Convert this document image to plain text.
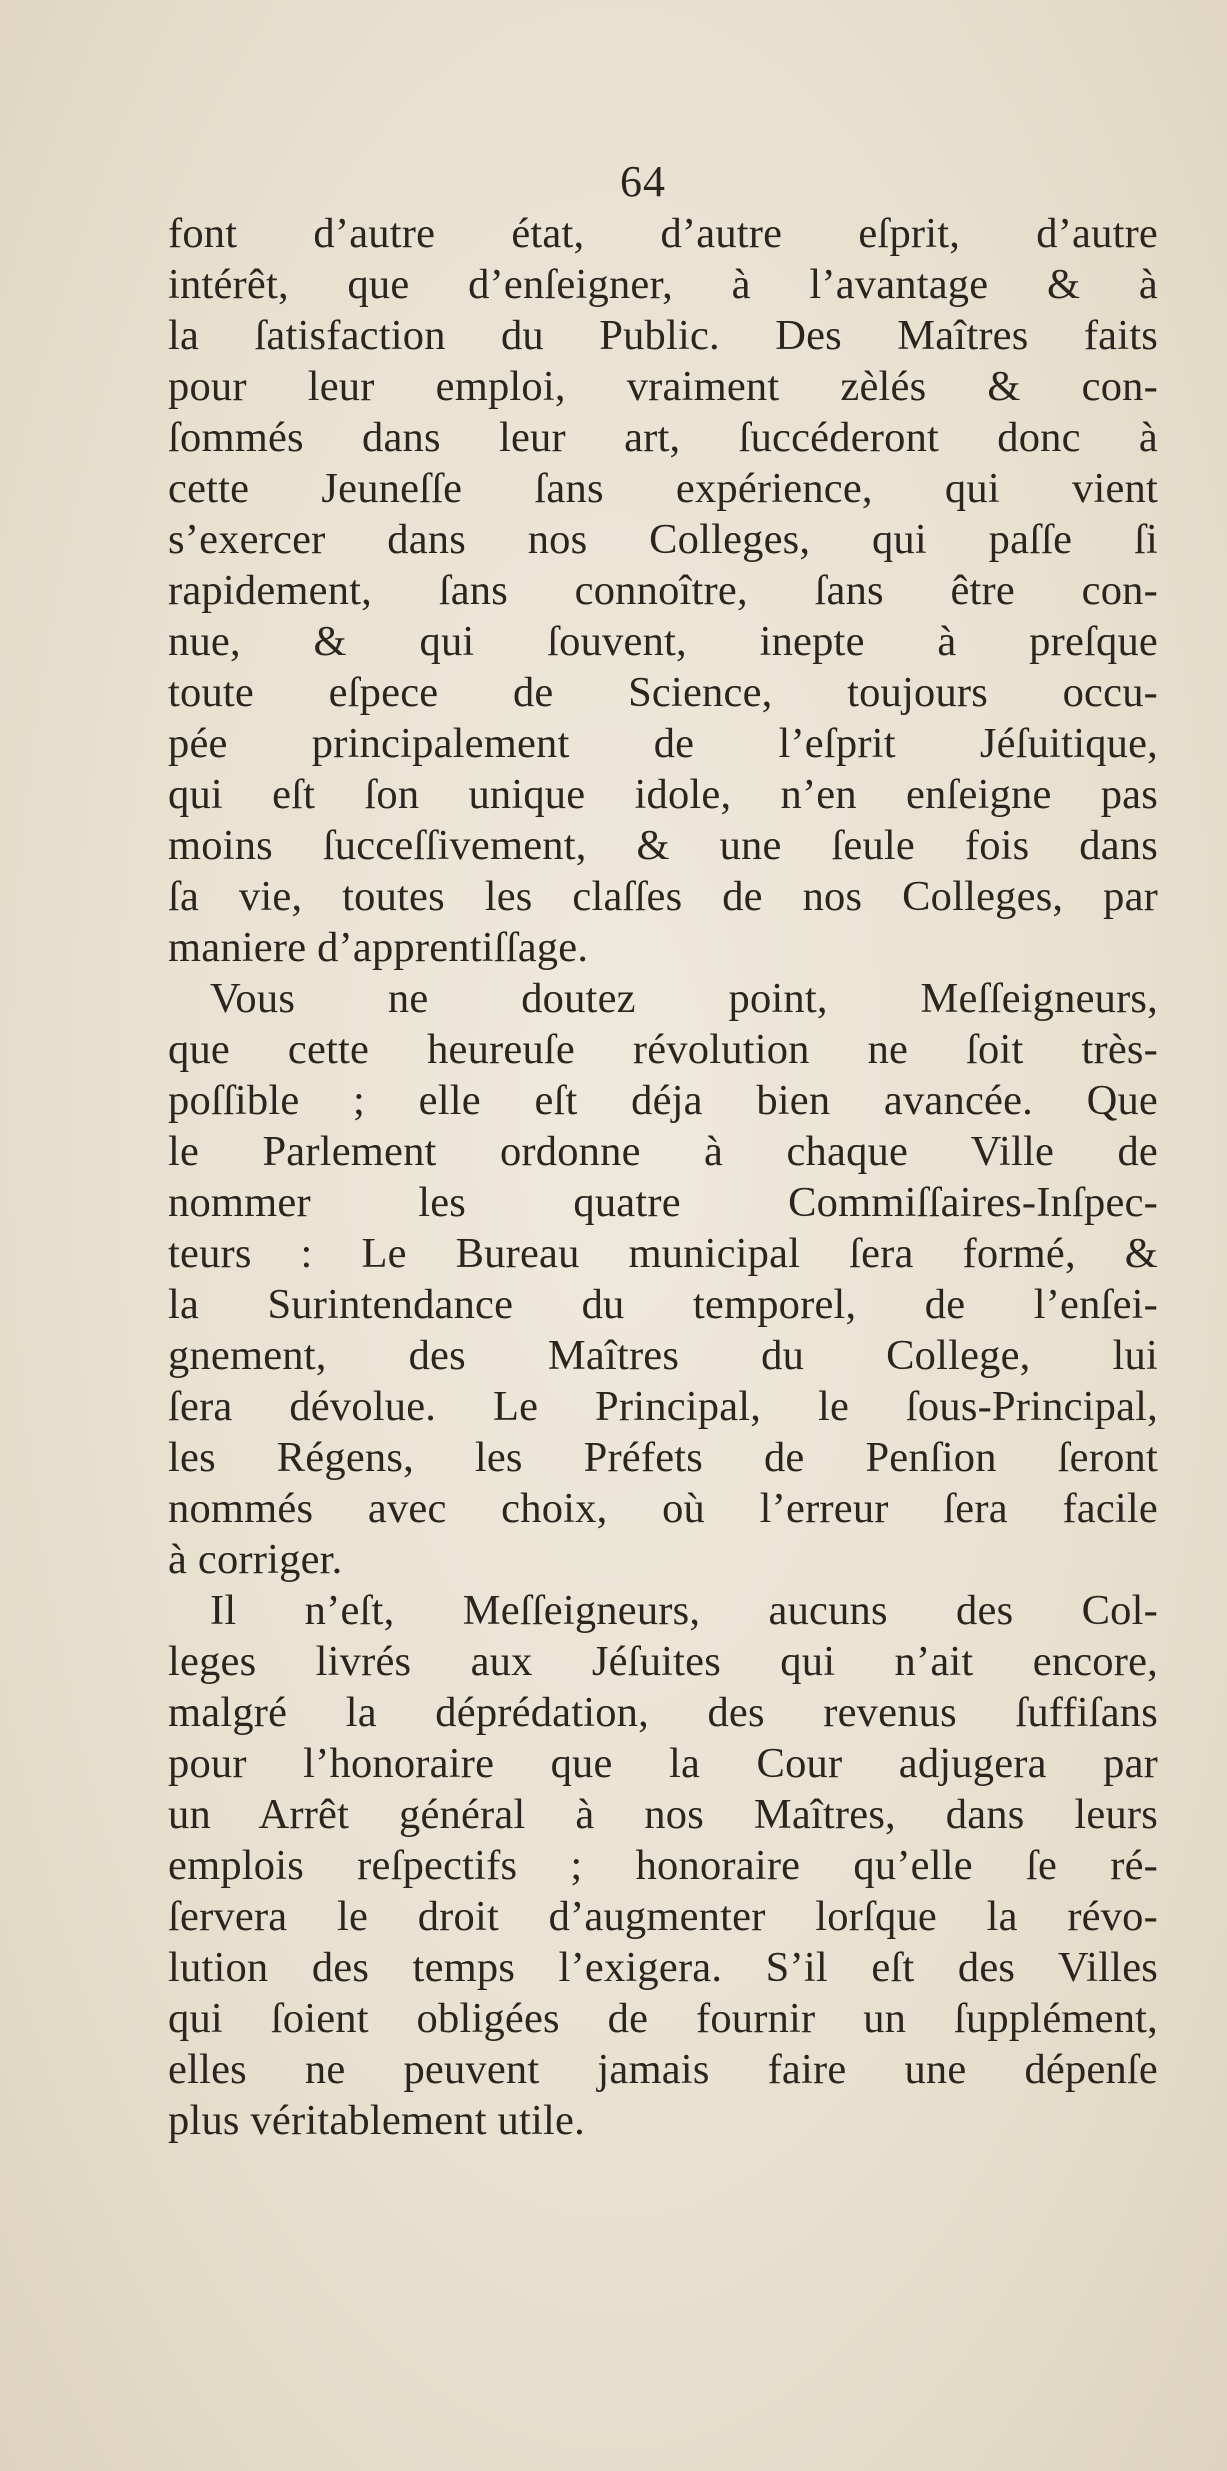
64
font d’autre état, d’autre eſprit, d’autre
intérêt, que d’enſeigner, à l’avantage & à
la ſatisfaction du Public. Des Maîtres faits
pour leur emploi, vraiment zèlés & con-
ſommés dans leur art, ſuccéderont donc à
cette Jeuneſſe ſans expérience, qui vient
s’exercer dans nos Colleges, qui paſſe ſi
rapidement, ſans connoître, ſans être con-
nue, & qui ſouvent, inepte à preſque
toute eſpece de Science, toujours occu-
pée principalement de l’eſprit Jéſuitique,
qui eſt ſon unique idole, n’en enſeigne pas
moins ſucceſſivement, & une ſeule fois dans
ſa vie, toutes les claſſes de nos Colleges, par
maniere d’apprentiſſage.
Vous ne doutez point, Meſſeigneurs,
que cette heureuſe révolution ne ſoit très-
poſſible ; elle eſt déja bien avancée. Que
le Parlement ordonne à chaque Ville de
nommer les quatre Commiſſaires-Inſpec-
teurs : Le Bureau municipal ſera formé, &
la Surintendance du temporel, de l’enſei-
gnement, des Maîtres du College, lui
ſera dévolue. Le Principal, le ſous-Principal,
les Régens, les Préfets de Penſion ſeront
nommés avec choix, où l’erreur ſera facile
à corriger.
Il n’eſt, Meſſeigneurs, aucuns des Col-
leges livrés aux Jéſuites qui n’ait encore,
malgré la déprédation, des revenus ſuffiſans
pour l’honoraire que la Cour adjugera par
un Arrêt général à nos Maîtres, dans leurs
emplois reſpectifs ; honoraire qu’elle ſe ré-
ſervera le droit d’augmenter lorſque la révo-
lution des temps l’exigera. S’il eſt des Villes
qui ſoient obligées de fournir un ſupplément,
elles ne peuvent jamais faire une dépenſe
plus véritablement utile.
